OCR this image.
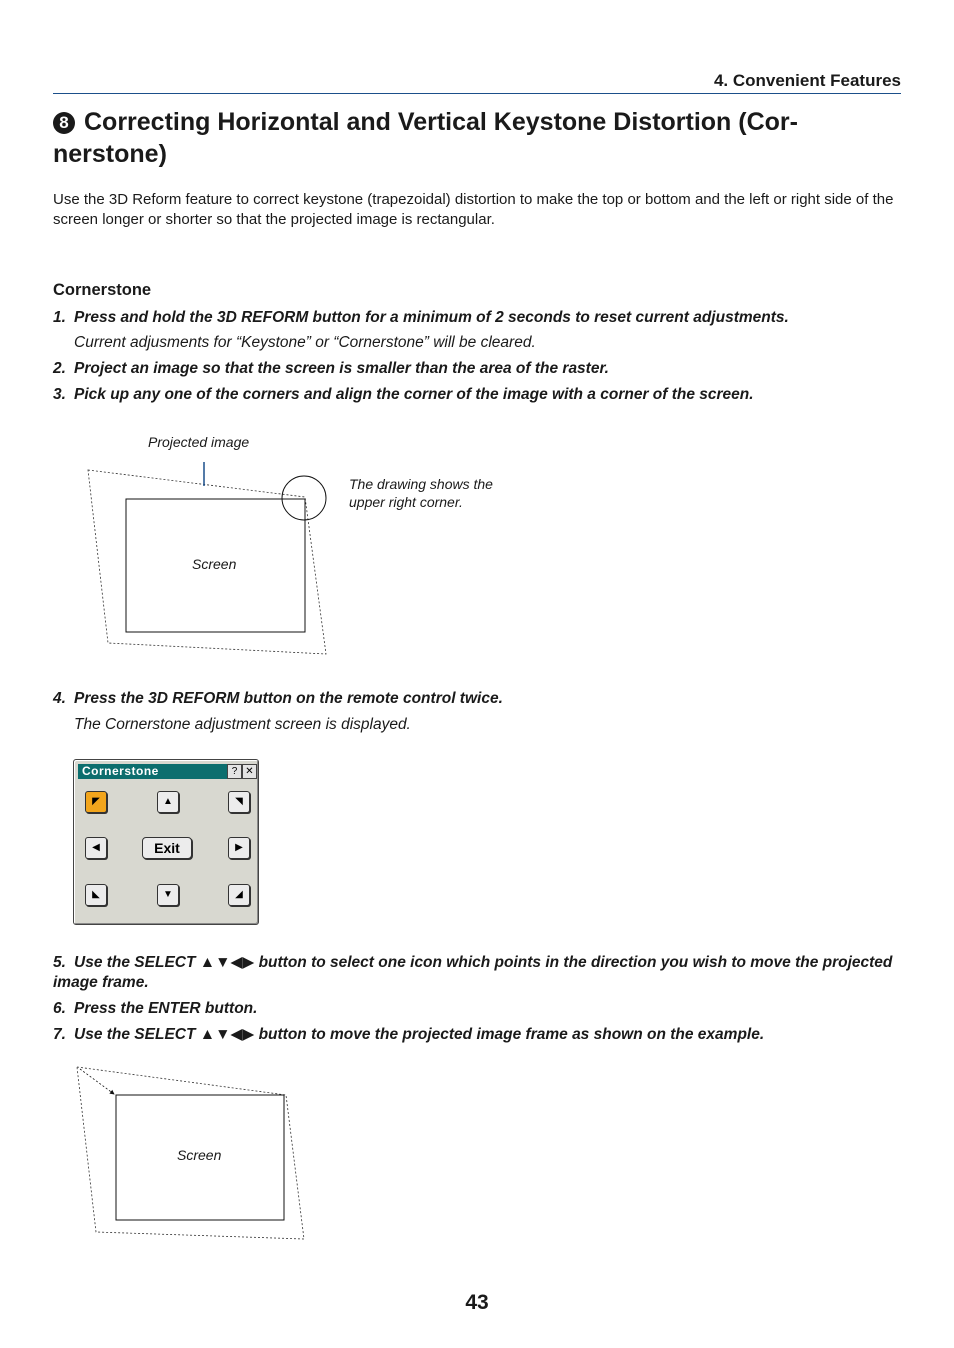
4. Convenient Features
8 Correcting Horizontal and Vertical Keystone Distortion (Cor-nerstone)
Use the 3D Reform feature to correct keystone (trapezoidal) distortion to make the top or bottom and the left or right side of the screen longer or shorter so that the projected image is rectangular.
Cornerstone
1. Press and hold the 3D REFORM button for a minimum of 2 seconds to reset current adjustments.
Current adjusments for “Keystone” or “Cornerstone” will be cleared.
2. Project an image so that the screen is smaller than the area of the raster.
3. Pick up any one of the corners and align the corner of the image with a corner of the screen.
Projected image
The drawing shows the
upper right corner.
Screen
4. Press the 3D REFORM button on the remote control twice.
The Cornerstone adjustment screen is displayed.
Cornerstone	? ✕
◤	▲	◥
◀	Exit	▶
◣	▼	◢
5. Use the SELECT ▲▼◀▶ button to select one icon which points in the direction you wish to move the projected image frame.
6. Press the ENTER button.
7. Use the SELECT ▲▼◀▶ button to move the projected image frame as shown on the example.
Screen
43
